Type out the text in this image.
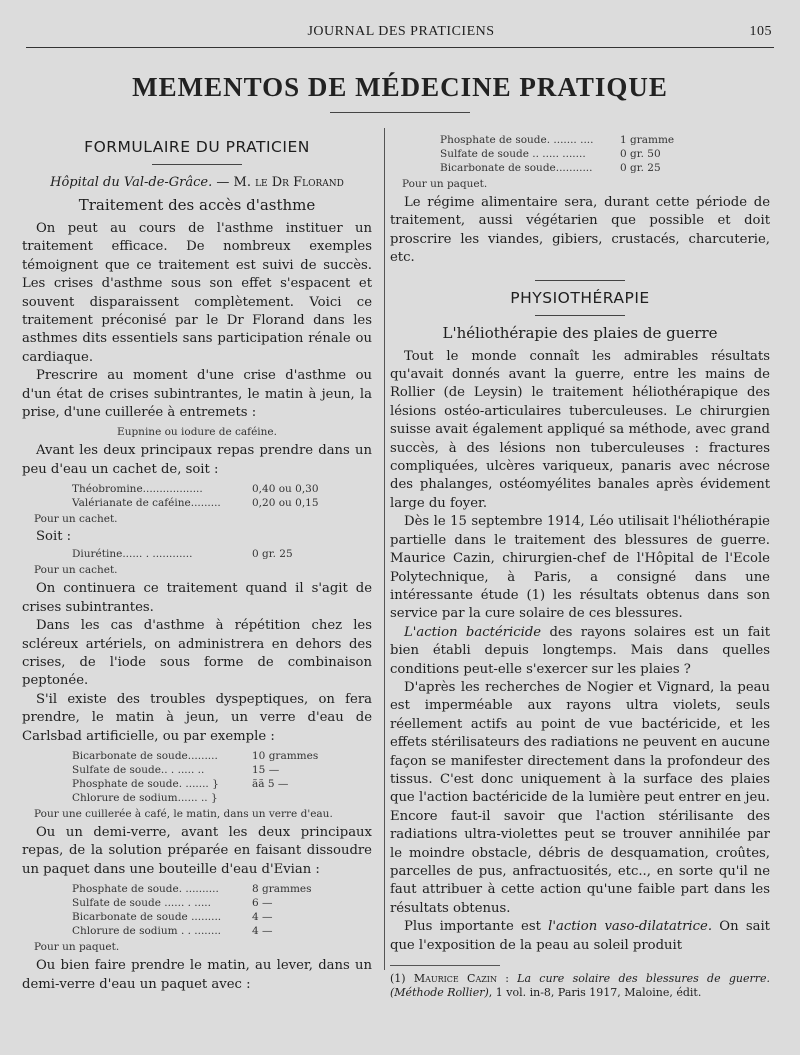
JOURNAL DES PRATICIENS	105
MEMENTOS DE MÉDECINE PRATIQUE
FORMULAIRE DU PRATICIEN
Hôpital du Val-de-Grâce. — M. le Dr Florand
Traitement des accès d'asthme

On peut au cours de l'asthme instituer un traitement efficace. De nombreux exemples témoignent que ce traitement est suivi de succès. Les crises d'asthme sous son effet s'espacent et souvent disparaissent complètement. Voici ce traitement préconisé par le Dr Florand dans les asthmes dits essentiels sans participation rénale ou cardiaque.

Prescrire au moment d'une crise d'asthme ou d'un état de crises subintrantes, le matin à jeun, la prise, d'une cuillerée à entremets :

Eupnine ou iodure de caféine.

Avant les deux principaux repas prendre dans un peu d'eau un cachet de, soit :

Théobromine..................	0,40 ou 0,30
Valérianate de caféine.........	0,20 ou 0,15
Pour un cachet.
Soit :
Diurétine...... . ............	0 gr. 25
Pour un cachet.

On continuera ce traitement quand il s'agit de crises subintrantes.

Dans les cas d'asthme à répétition chez les scléreux artériels, on administrera en dehors des crises, de l'iode sous forme de combinaison peptonée.

S'il existe des troubles dyspeptiques, on fera prendre, le matin à jeun, un verre d'eau de Carlsbad artificielle, ou par exemple :

Bicarbonate de soude.........	10 grammes
Sulfate de soude.. . ..... ..	15 —
Phosphate de soude. ....... }	ãã 5 —
Chlorure de sodium...... .. }
Pour une cuillerée à café, le matin, dans un verre d'eau.

Ou un demi-verre, avant les deux principaux repas, de la solution préparée en faisant dissoudre un paquet dans une bouteille d'eau d'Evian :

Phosphate de soude. ..........	8 grammes
Sulfate de soude ...... . .....	6 —
Bicarbonate de soude .........	4 —
Chlorure de sodium . . ........	4 —
Pour un paquet.

Ou bien faire prendre le matin, au lever, dans un demi-verre d'eau un paquet avec :

Phosphate de soude. ....... ....	1 gramme
Sulfate de soude .. ..... .......	0 gr. 50
Bicarbonate de soude...........	0 gr. 25
Pour un paquet.

Le régime alimentaire sera, durant cette période de traitement, aussi végétarien que possible et doit proscrire les viandes, gibiers, crustacés, charcuterie, etc.

PHYSIOTHÉRAPIE
L'héliothérapie des plaies de guerre

Tout le monde connaît les admirables résultats qu'avait donnés avant la guerre, entre les mains de Rollier (de Leysin) le traitement héliothérapique des lésions ostéo-articulaires tuberculeuses. Le chirurgien suisse avait également appliqué sa méthode, avec grand succès, à des lésions non tuberculeuses : fractures compliquées, ulcères variqueux, panaris avec nécrose des phalanges, ostéomyélites banales après évidement large du foyer.

Dès le 15 septembre 1914, Léo utilisait l'héliothérapie partielle dans le traitement des blessures de guerre. Maurice Cazin, chirurgien-chef de l'Hôpital de l'Ecole Polytechnique, à Paris, a consigné dans une intéressante étude (1) les résultats obtenus dans son service par la cure solaire de ces blessures.

L'action bactéricide des rayons solaires est un fait bien établi depuis longtemps. Mais dans quelles conditions peut-elle s'exercer sur les plaies ?

D'après les recherches de Nogier et Vignard, la peau est imperméable aux rayons ultra violets, seuls réellement actifs au point de vue bactéricide, et les effets stérilisateurs des radiations ne peuvent en aucune façon se manifester directement dans la profondeur des tissus. C'est donc uniquement à la surface des plaies que l'action bactéricide de la lumière peut entrer en jeu. Encore faut-il savoir que l'action stérilisante des radiations ultra-violettes peut se trouver annihilée par le moindre obstacle, débris de desquamation, croûtes, parcelles de pus, anfractuosités, etc.., en sorte qu'il ne faut attribuer à cette action qu'une faible part dans les résultats obtenus.

Plus importante est l'action vaso-dilatatrice. On sait que l'exposition de la peau au soleil produit

(1) Maurice Cazin : La cure solaire des blessures de guerre. (Méthode Rollier), 1 vol. in-8, Paris 1917, Maloine, édit.
